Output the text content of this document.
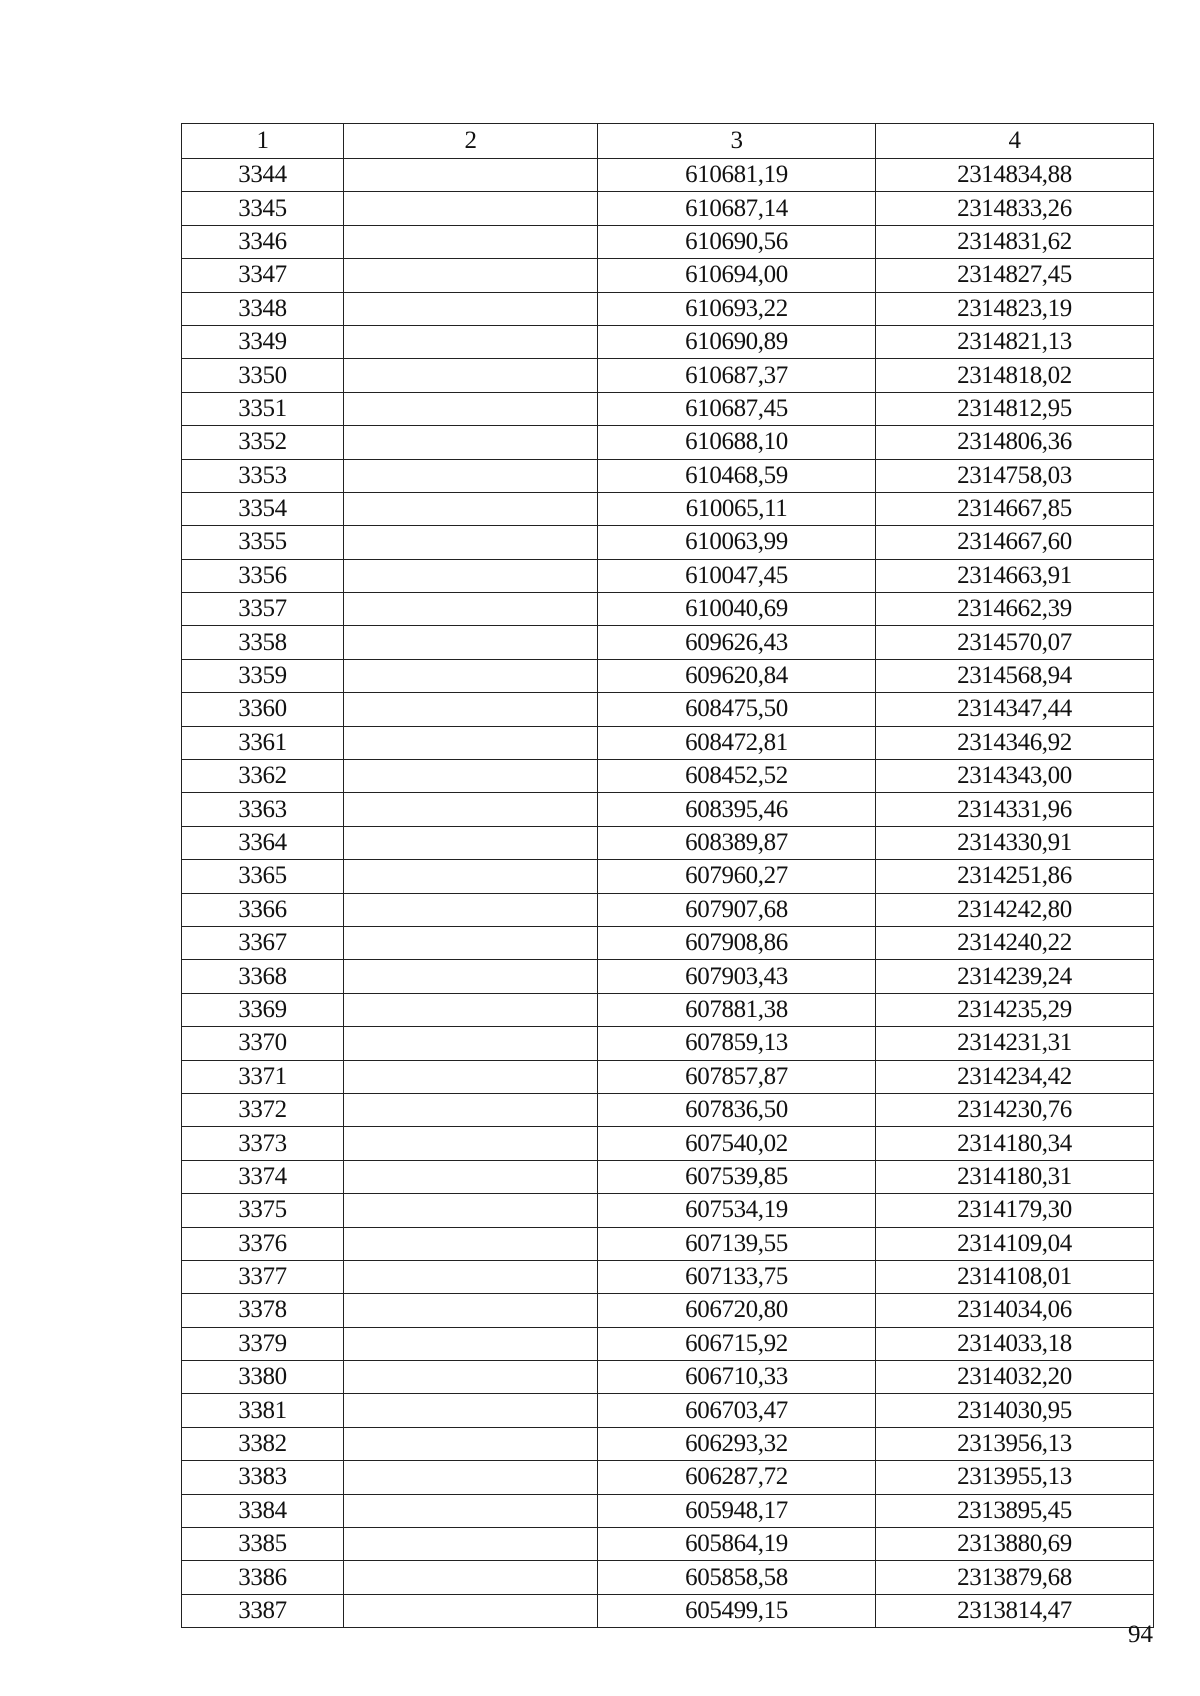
1	2	3	4
3344		610681,19	2314834,88
3345		610687,14	2314833,26
3346		610690,56	2314831,62
3347		610694,00	2314827,45
3348		610693,22	2314823,19
3349		610690,89	2314821,13
3350		610687,37	2314818,02
3351		610687,45	2314812,95
3352		610688,10	2314806,36
3353		610468,59	2314758,03
3354		610065,11	2314667,85
3355		610063,99	2314667,60
3356		610047,45	2314663,91
3357		610040,69	2314662,39
3358		609626,43	2314570,07
3359		609620,84	2314568,94
3360		608475,50	2314347,44
3361		608472,81	2314346,92
3362		608452,52	2314343,00
3363		608395,46	2314331,96
3364		608389,87	2314330,91
3365		607960,27	2314251,86
3366		607907,68	2314242,80
3367		607908,86	2314240,22
3368		607903,43	2314239,24
3369		607881,38	2314235,29
3370		607859,13	2314231,31
3371		607857,87	2314234,42
3372		607836,50	2314230,76
3373		607540,02	2314180,34
3374		607539,85	2314180,31
3375		607534,19	2314179,30
3376		607139,55	2314109,04
3377		607133,75	2314108,01
3378		606720,80	2314034,06
3379		606715,92	2314033,18
3380		606710,33	2314032,20
3381		606703,47	2314030,95
3382		606293,32	2313956,13
3383		606287,72	2313955,13
3384		605948,17	2313895,45
3385		605864,19	2313880,69
3386		605858,58	2313879,68
3387		605499,15	2313814,47
94
